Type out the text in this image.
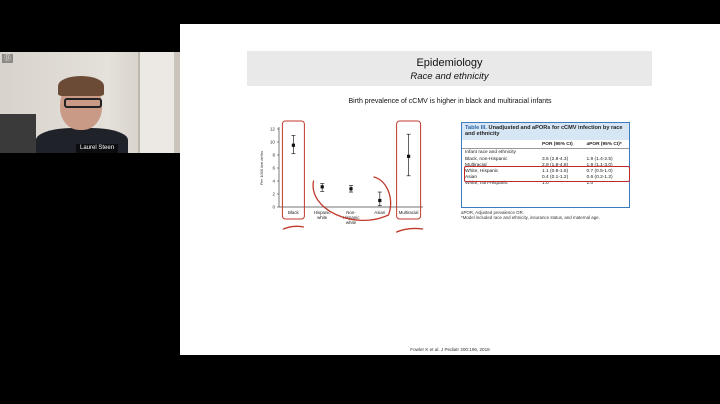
Ⓑ
Laurel Steen
Epidemiology
Race and ethnicity
Birth prevalence of cCMV is higher in black and multiracial infants
Per 1000 live births
0
2
4
6
8
10
12
Black	Hispanic white
Non-Hispanic white
Asian	Multiracial
Table III. Unadjusted and aPORs for cCMV infection by race and ethnicity
POR (95% CI)	aPOR (95% CI)*
Infant race and ethnicity
Black, non-Hispanic	3.5 (2.8-4.3)	1.9 (1.4-2.5)
Multiracial	2.9 (1.8-4.8)	1.9 (1.1-3.0)
White, Hispanic	1.1 (0.8-1.5)	0.7 (0.5-1.0)
Asian	0.4 (0.1-1.2)	0.6 (0.2-1.2)
White, non-Hispanic	1.0	1.0
aPOR, Adjusted prevalence OR.
*Model included race and ethnicity, insurance status, and maternal age.
Fowler K et al. J Pediatr 200:196, 2018
